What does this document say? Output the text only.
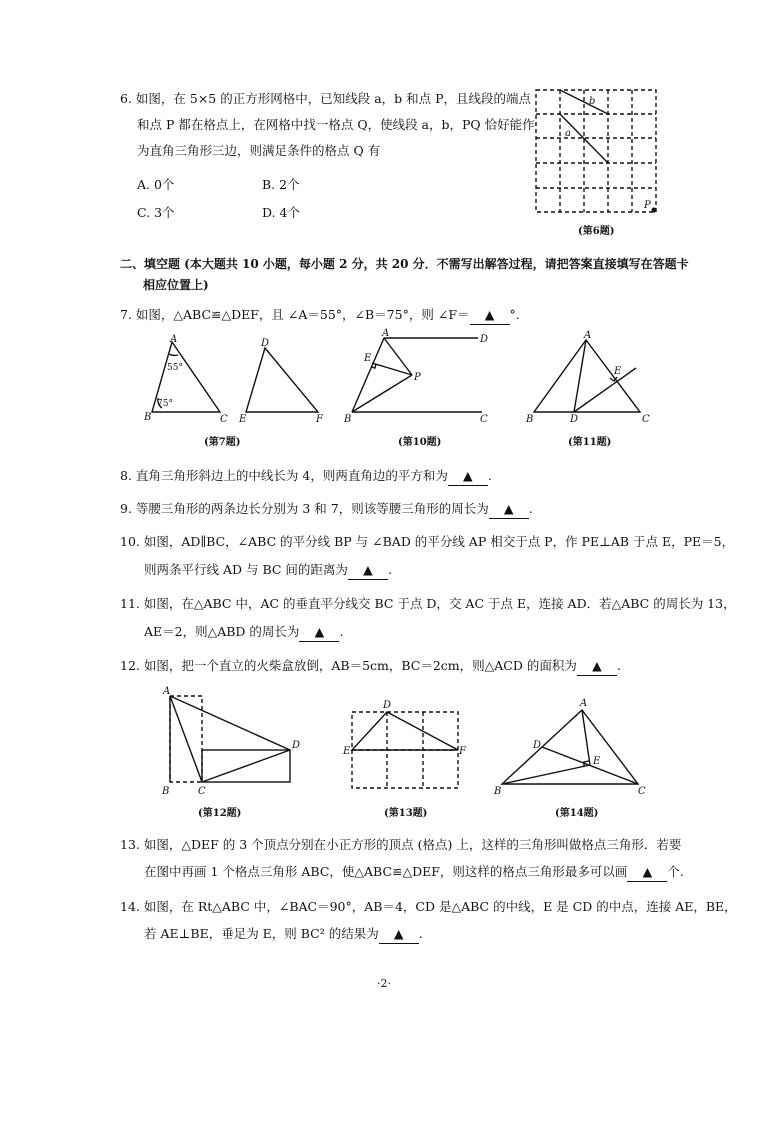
6. 如图，在 5×5 的正方形网格中，已知线段 a，b 和点 P，且线段的端点
和点 P 都在格点上，在网格中找一格点 Q，使线段 a，b，PQ 恰好能作
为直角三角形三边，则满足条件的格点 Q 有
A. 0个	B. 2个
C. 3个	D. 4个
b
a
P
(第6题)
二、填空题 (本大题共 10 小题，每小题 2 分，共 20 分．不需写出解答过程，请把答案直接填写在答题卡
相应位置上)
7. 如图，△ABC≌△DEF，且 ∠A＝55°，∠B＝75°，则 ∠F＝ ▲ °.
A
B	C
55°
75°
D
E	F
(第7题)
A
D
E
P
B	C
(第10题)
A
E
B	D	C
(第11题)
8. 直角三角形斜边上的中线长为 4，则两直角边的平方和为 ▲ .
9. 等腰三角形的两条边长分别为 3 和 7，则该等腰三角形的周长为 ▲ .
10. 如图，AD∥BC，∠ABC 的平分线 BP 与 ∠BAD 的平分线 AP 相交于点 P，作 PE⊥AB 于点 E，PE＝5，
则两条平行线 AD 与 BC 间的距离为 ▲ .
11. 如图，在△ABC 中，AC 的垂直平分线交 BC 于点 D，交 AC 于点 E，连接 AD．若△ABC 的周长为 13，
AE＝2，则△ABD 的周长为 ▲ .
12. 如图，把一个直立的火柴盒放倒，AB＝5cm，BC＝2cm，则△ACD 的面积为 ▲ .
A
D
B	C
(第12题)
D
E	F
(第13题)
A
D
E
B	C
(第14题)
13. 如图，△DEF 的 3 个顶点分别在小正方形的顶点 (格点) 上，这样的三角形叫做格点三角形．若要
在图中再画 1 个格点三角形 ABC，使△ABC≌△DEF，则这样的格点三角形最多可以画 ▲ 个.
14. 如图，在 Rt△ABC 中，∠BAC＝90°，AB＝4，CD 是△ABC 的中线，E 是 CD 的中点，连接 AE，BE，
若 AE⊥BE，垂足为 E，则 BC² 的结果为 ▲ .
·2·
